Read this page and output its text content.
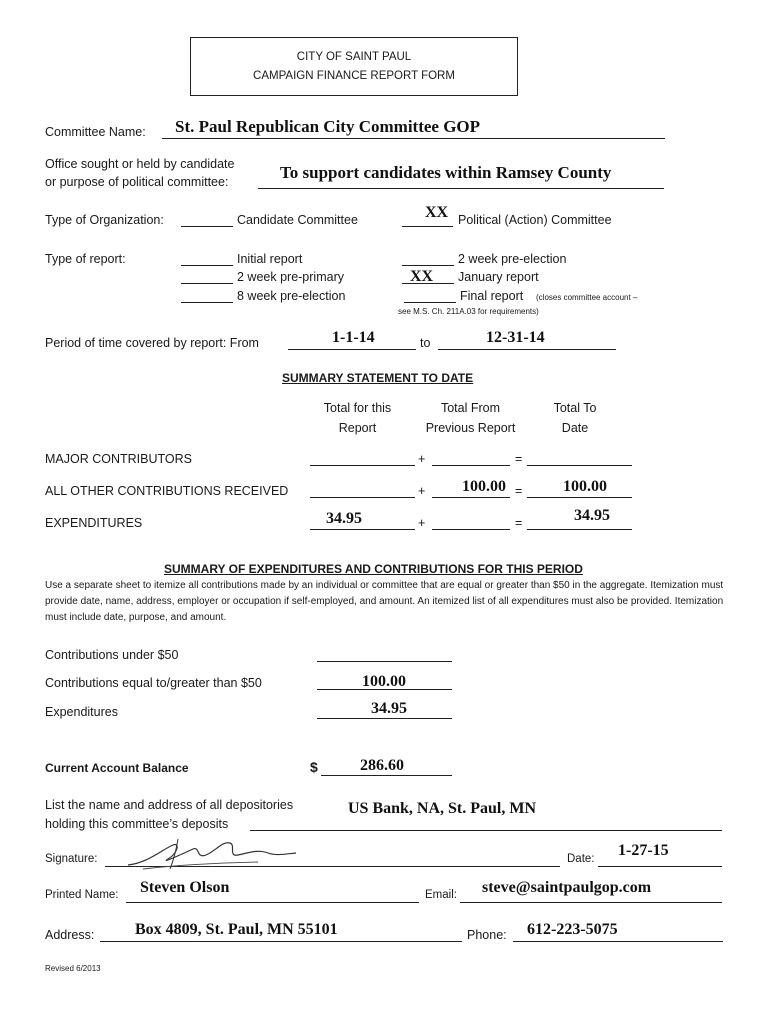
CITY OF SAINT PAUL
CAMPAIGN FINANCE REPORT FORM
Committee Name: St. Paul Republican City Committee GOP
Office sought or held by candidate
or purpose of political committee:	To support candidates within Ramsey County
Type of Organization:	Candidate Committee	XX Political (Action) Committee
Type of report:	Initial report
2 week pre-primary
8 week pre-election
2 week pre-election
XX January report
Final report (closes committee account –
see M.S. Ch. 211A.03 for requirements)
Period of time covered by report: From	1-1-14	to	12-31-14
SUMMARY STATEMENT TO DATE
Total for this
Report
Total From
Previous Report
Total To
Date
MAJOR CONTRIBUTORS	+	=
ALL OTHER CONTRIBUTIONS RECEIVED	+ 100.00 =	100.00
EXPENDITURES	34.95	+	=	34.95
SUMMARY OF EXPENDITURES AND CONTRIBUTIONS FOR THIS PERIOD
Use a separate sheet to itemize all contributions made by an individual or committee that are equal or greater than $50 in the aggregate. Itemization must provide date, name, address, employer or occupation if self-employed, and amount. An itemized list of all expenditures must also be provided. Itemization must include date, purpose, and amount.
Contributions under $50
Contributions equal to/greater than $50	100.00
Expenditures	34.95
Current Account Balance	$	286.60
List the name and address of all depositories
holding this committee’s deposits
US Bank, NA, St. Paul, MN
Signature:	Date: 1-27-15
Printed Name: Steven Olson	Email: steve@saintpaulgop.com
Address:	Box 4809, St. Paul, MN 55101	Phone: 612-223-5075
Revised 6/2013
